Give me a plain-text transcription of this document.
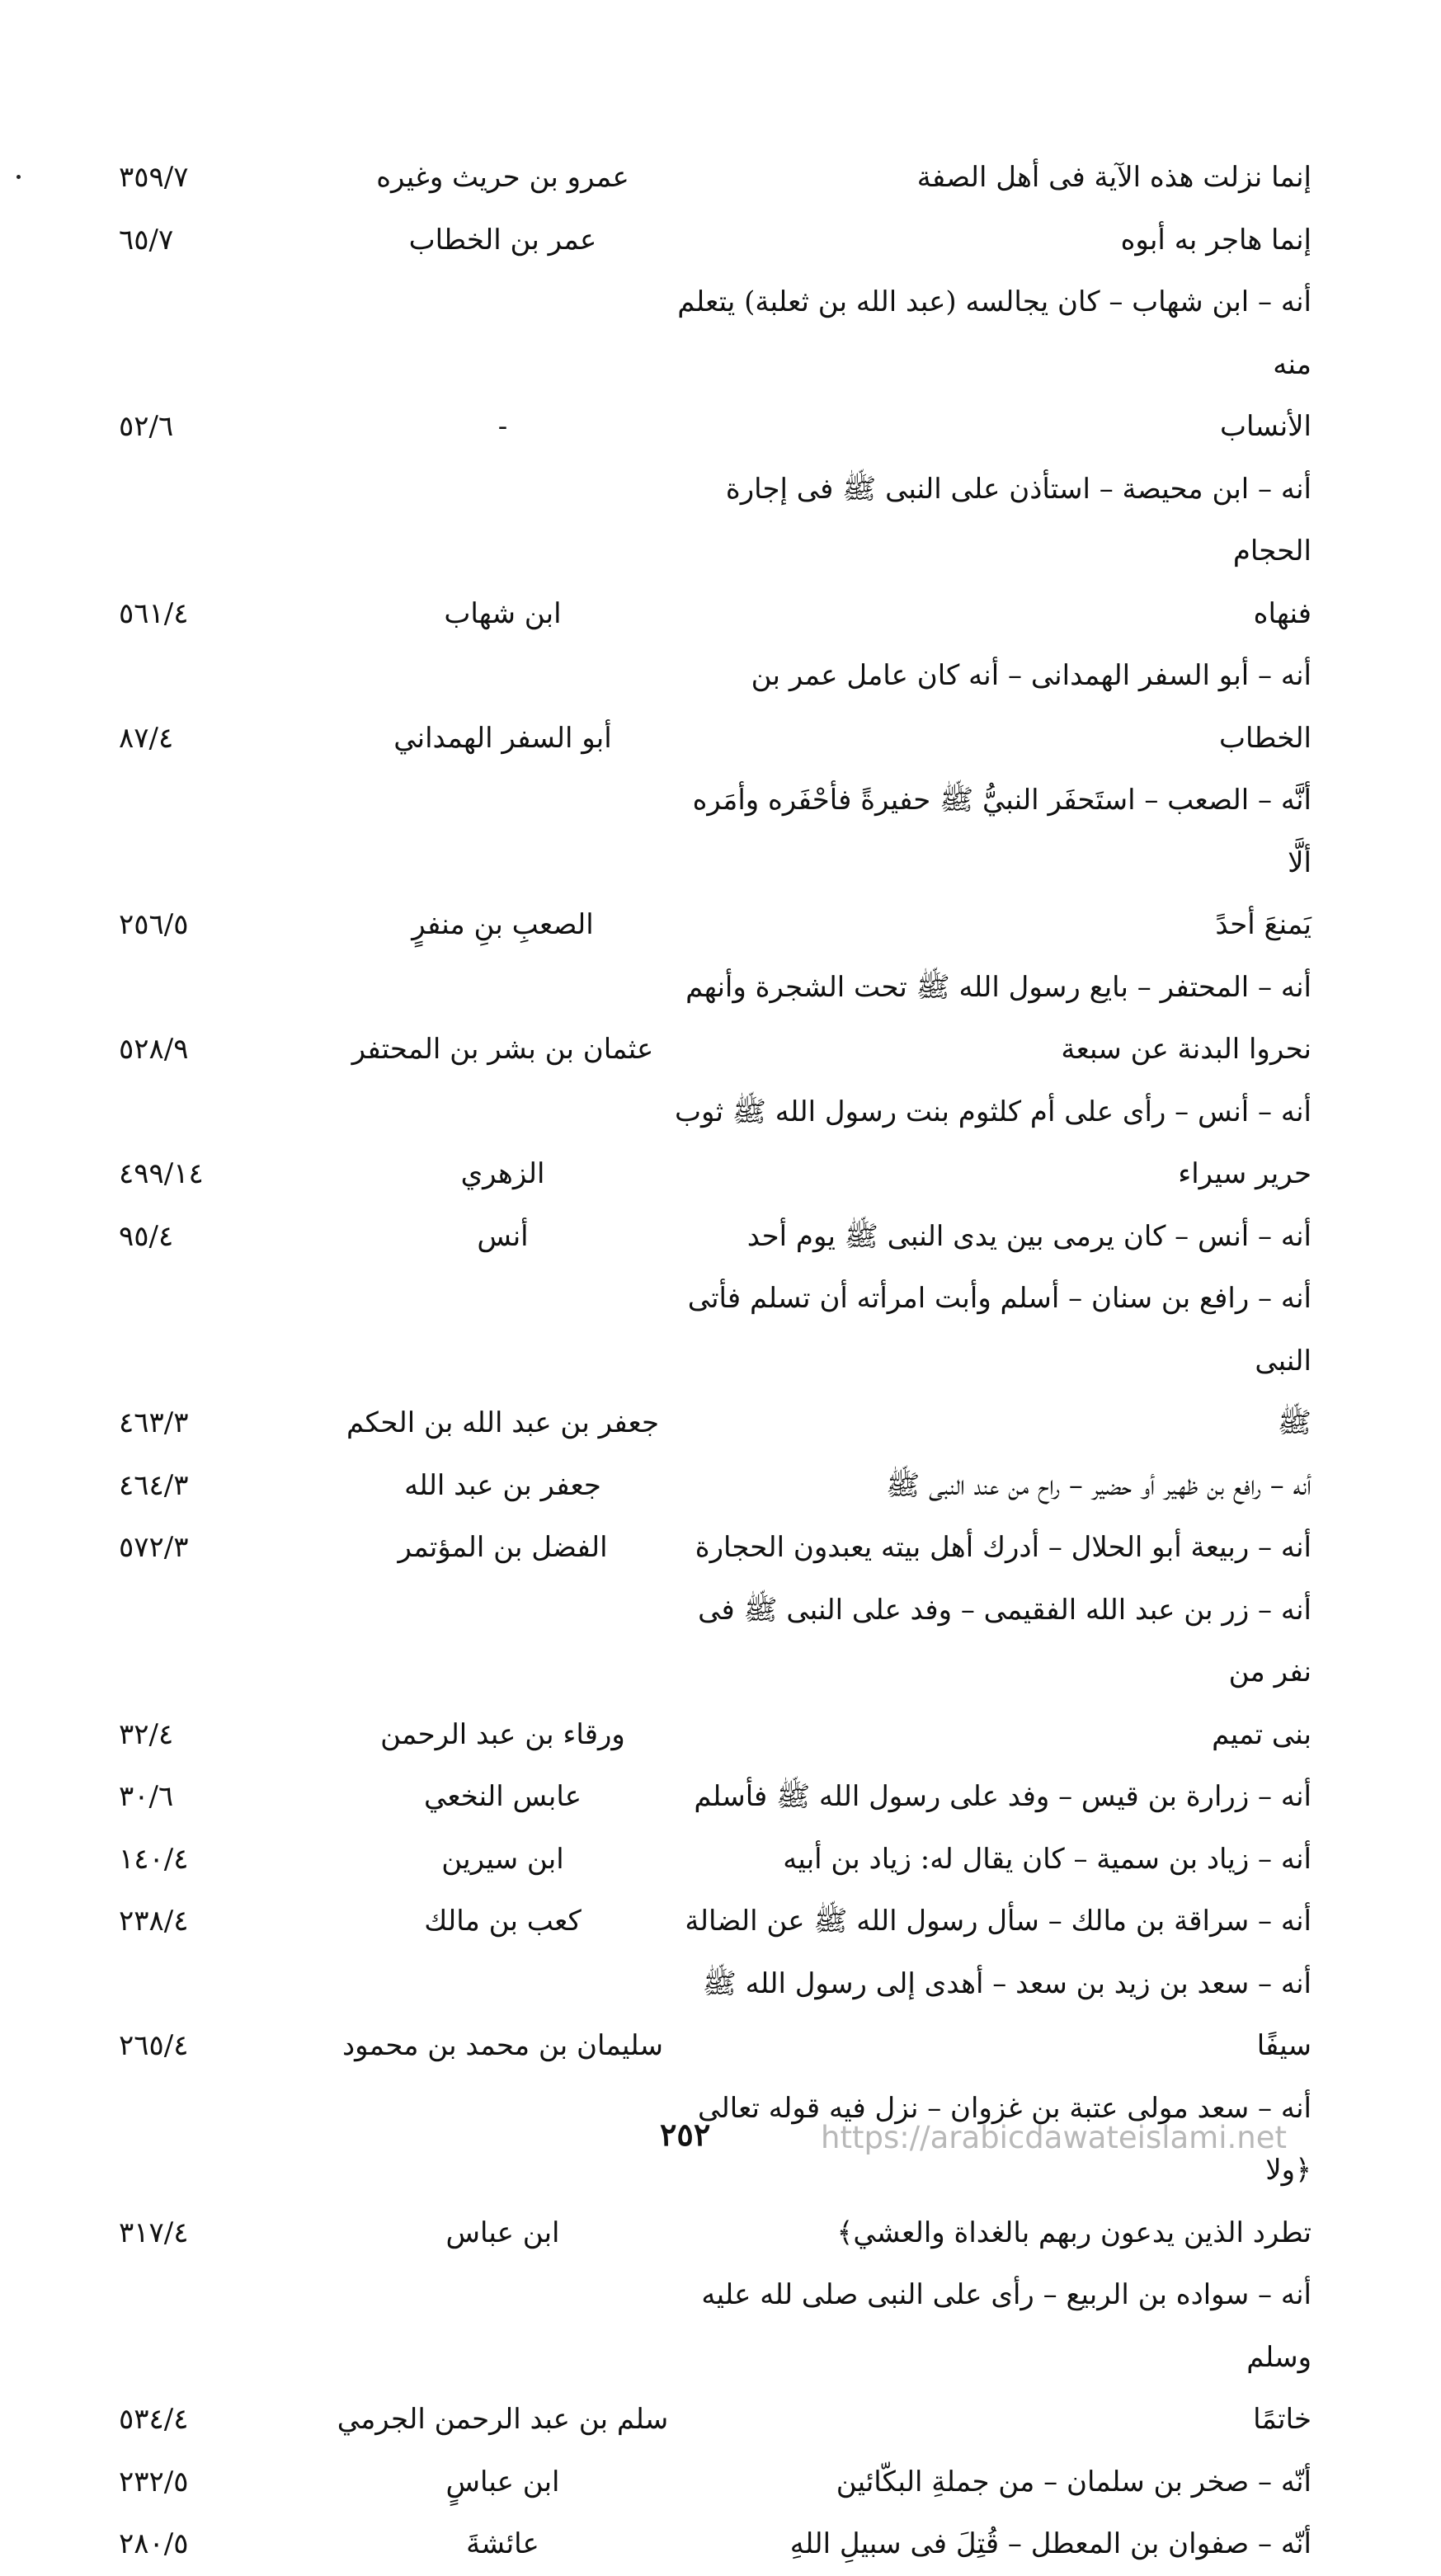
إنما نزلت هذه الآية فى أهل الصفة
عمرو بن حريث وغيره
٣٥٩/٧
إنما هاجر به أبوه
عمر بن الخطاب
٦٥/٧
أنه – ابن شهاب – كان يجالسه (عبد الله بن ثعلبة) يتعلم منه
الأنساب
-
٥٢/٦
أنه – ابن محيصة – استأذن على النبى ﷺ فى إجارة الحجام
فنهاه
ابن شهاب
٥٦١/٤
أنه – أبو السفر الهمدانى – أنه كان عامل عمر بن الخطاب
أبو السفر الهمداني
٨٧/٤
أنَّه – الصعب – استَحفَر النبيُّ ﷺ حفيرةً فأحْفَره وأمَره ألَّا
يَمنعَ أحدً
الصعبِ بنِ منفرٍ
٢٥٦/٥
أنه – المحتفر – بايع رسول الله ﷺ تحت الشجرة وأنهم
نحروا البدنة عن سبعة
عثمان بن بشر بن المحتفر
٥٢٨/٩
أنه – أنس – رأى على أم كلثوم بنت رسول الله ﷺ ثوب
حرير سيراء
الزهري
٤٩٩/١٤
أنه – أنس – كان يرمى بين يدى النبى ﷺ يوم أحد
أنس
٩٥/٤
أنه – رافع بن سنان – أسلم وأبت امرأته أن تسلم فأتى النبى
ﷺ
جعفر بن عبد الله بن الحكم
٤٦٣/٣
أنه – رافع بن ظهير أو حضير – راح من عند النبى ﷺ
جعفر بن عبد الله
٤٦٤/٣
أنه – ربيعة أبو الحلال – أدرك أهل بيته يعبدون الحجارة
الفضل بن المؤتمر
٥٧٢/٣
أنه – زر بن عبد الله الفقيمى – وفد على النبى ﷺ فى نفر من
بنى تميم
ورقاء بن عبد الرحمن
٣٢/٤
أنه – زرارة بن قيس – وفد على رسول الله ﷺ فأسلم
عابس النخعي
٣٠/٦
أنه – زياد بن سمية – كان يقال له: زياد بن أبيه
ابن سيرين
١٤٠/٤
أنه – سراقة بن مالك – سأل رسول الله ﷺ عن الضالة
كعب بن مالك
٢٣٨/٤
أنه – سعد بن زيد بن سعد – أهدى إلى رسول الله ﷺ سيفًا
سليمان بن محمد بن محمود
٢٦٥/٤
أنه – سعد مولى عتبة بن غزوان – نزل فيه قوله تعالى ﴿ولا
تطرد الذين يدعون ربهم بالغداة والعشي﴾
ابن عباس
٣١٧/٤
أنه – سواده بن الربيع – رأى على النبى صلى لله عليه وسلم
خاتمًا
سلم بن عبد الرحمن الجرمي
٥٣٤/٤
أنّه – صخر بن سلمان – من جملةِ البكّائين
ابن عباسٍ
٢٣٢/٥
أنّه – صفوان بن المعطل – قُتِلَ فى سبيلِ اللهِ
عائشةَ
٢٨٠/٥
٢٥٢	https://arabicdawateislami.net
